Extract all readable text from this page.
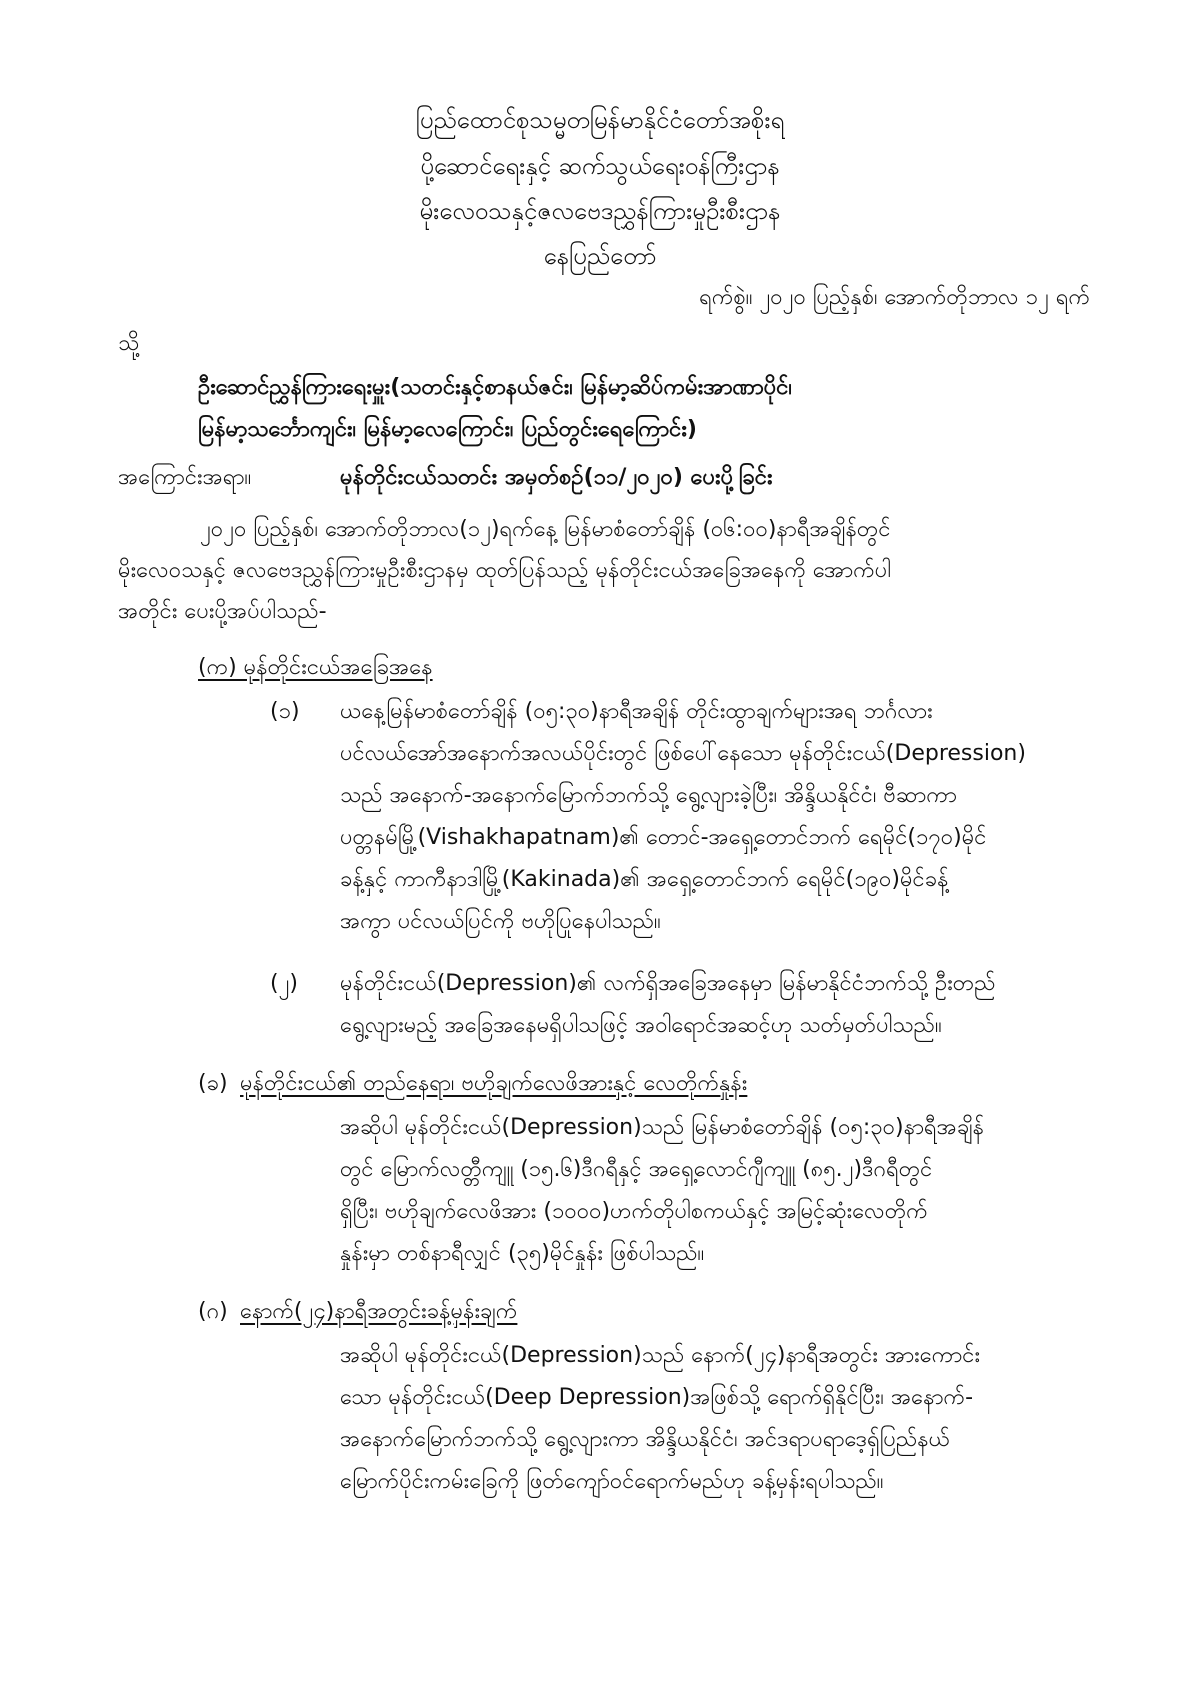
ပြည်ထောင်စုသမ္မတမြန်မာနိုင်ငံတော်အစိုးရ
ပို့ဆောင်ရေးနှင့် ဆက်သွယ်ရေးဝန်ကြီးဌာန
မိုးလေဝသနှင့်ဇလဗေဒညွှန်ကြားမှုဦးစီးဌာန
နေပြည်တော်
ရက်စွဲ။ ၂၀၂၀ ပြည့်နှစ်၊ အောက်တိုဘာလ ၁၂ ရက်
သို့
ဦးဆောင်ညွှန်ကြားရေးမှူး(သတင်းနှင့်စာနယ်ဇင်း၊ မြန်မာ့ဆိပ်ကမ်းအာဏာပိုင်၊
မြန်မာ့သင်္ဘောကျင်း၊ မြန်မာ့လေကြောင်း၊ ပြည်တွင်းရေကြောင်း)
အကြောင်းအရာ။	မုန်တိုင်းငယ်သတင်း အမှတ်စဉ်(၁၁/၂၀၂၀) ပေးပို့ခြင်း
၂၀၂၀ ပြည့်နှစ်၊ အောက်တိုဘာလ(၁၂)ရက်နေ့ မြန်မာစံတော်ချိန် (၀၆:၀၀)နာရီအချိန်တွင်
မိုးလေဝသနှင့် ဇလဗေဒညွှန်ကြားမှုဦးစီးဌာနမှ ထုတ်ပြန်သည့် မုန်တိုင်းငယ်အခြေအနေကို အောက်ပါ
အတိုင်း ပေးပို့အပ်ပါသည်-
(က) မုန်တိုင်းငယ်အခြေအနေ
(၁) ယနေ့မြန်မာစံတော်ချိန် (၀၅:၃၀)နာရီအချိန် တိုင်းထွာချက်များအရ ဘင်္ဂလား
ပင်လယ်အော်အနောက်အလယ်ပိုင်းတွင် ဖြစ်ပေါ်နေသော မုန်တိုင်းငယ်(Depression)
သည် အနောက်-အနောက်မြောက်ဘက်သို့ ရွေ့လျားခဲ့ပြီး၊ အိန္ဒိယနိုင်ငံ၊ ဗီဆာကာ
ပတ္တနမ်မြို့(Vishakhapatnam)၏ တောင်-အရှေ့တောင်ဘက် ရေမိုင်(၁၇၀)မိုင်
ခန့်နှင့် ကာကီနာဒါမြို့(Kakinada)၏ အရှေ့တောင်ဘက် ရေမိုင်(၁၉၀)မိုင်ခန့်
အကွာ ပင်လယ်ပြင်ကို ဗဟိုပြုနေပါသည်။
(၂) မုန်တိုင်းငယ်(Depression)၏ လက်ရှိအခြေအနေမှာ မြန်မာနိုင်ငံဘက်သို့ ဦးတည်
ရွေ့လျားမည့် အခြေအနေမရှိပါသဖြင့် အဝါရောင်အဆင့်ဟု သတ်မှတ်ပါသည်။
(ခ) မုန်တိုင်းငယ်၏ တည်နေရာ၊ ဗဟိုချက်လေဖိအားနှင့် လေတိုက်နှုန်း
အဆိုပါ မုန်တိုင်းငယ်(Depression)သည် မြန်မာစံတော်ချိန် (၀၅:၃၀)နာရီအချိန်
တွင် မြောက်လတ္တီကျူ (၁၅.၆)ဒီဂရီနှင့် အရှေ့လောင်ဂျီကျူ (၈၅.၂)ဒီဂရီတွင်
ရှိပြီး၊ ဗဟိုချက်လေဖိအား (၁၀၀၀)ဟက်တိုပါစကယ်နှင့် အမြင့်ဆုံးလေတိုက်
နှုန်းမှာ တစ်နာရီလျှင် (၃၅)မိုင်နှုန်း ဖြစ်ပါသည်။
(ဂ) နောက်(၂၄)နာရီအတွင်းခန့်မှန်းချက်
အဆိုပါ မုန်တိုင်းငယ်(Depression)သည် နောက်(၂၄)နာရီအတွင်း အားကောင်း
သော မုန်တိုင်းငယ်(Deep Depression)အဖြစ်သို့ ရောက်ရှိနိုင်ပြီး၊ အနောက်-
အနောက်မြောက်ဘက်သို့ ရွေ့လျားကာ အိန္ဒိယနိုင်ငံ၊ အင်ဒရာပရာဒေ့ရှ်ပြည်နယ်
မြောက်ပိုင်းကမ်းခြေကို ဖြတ်ကျော်ဝင်ရောက်မည်ဟု ခန့်မှန်းရပါသည်။
